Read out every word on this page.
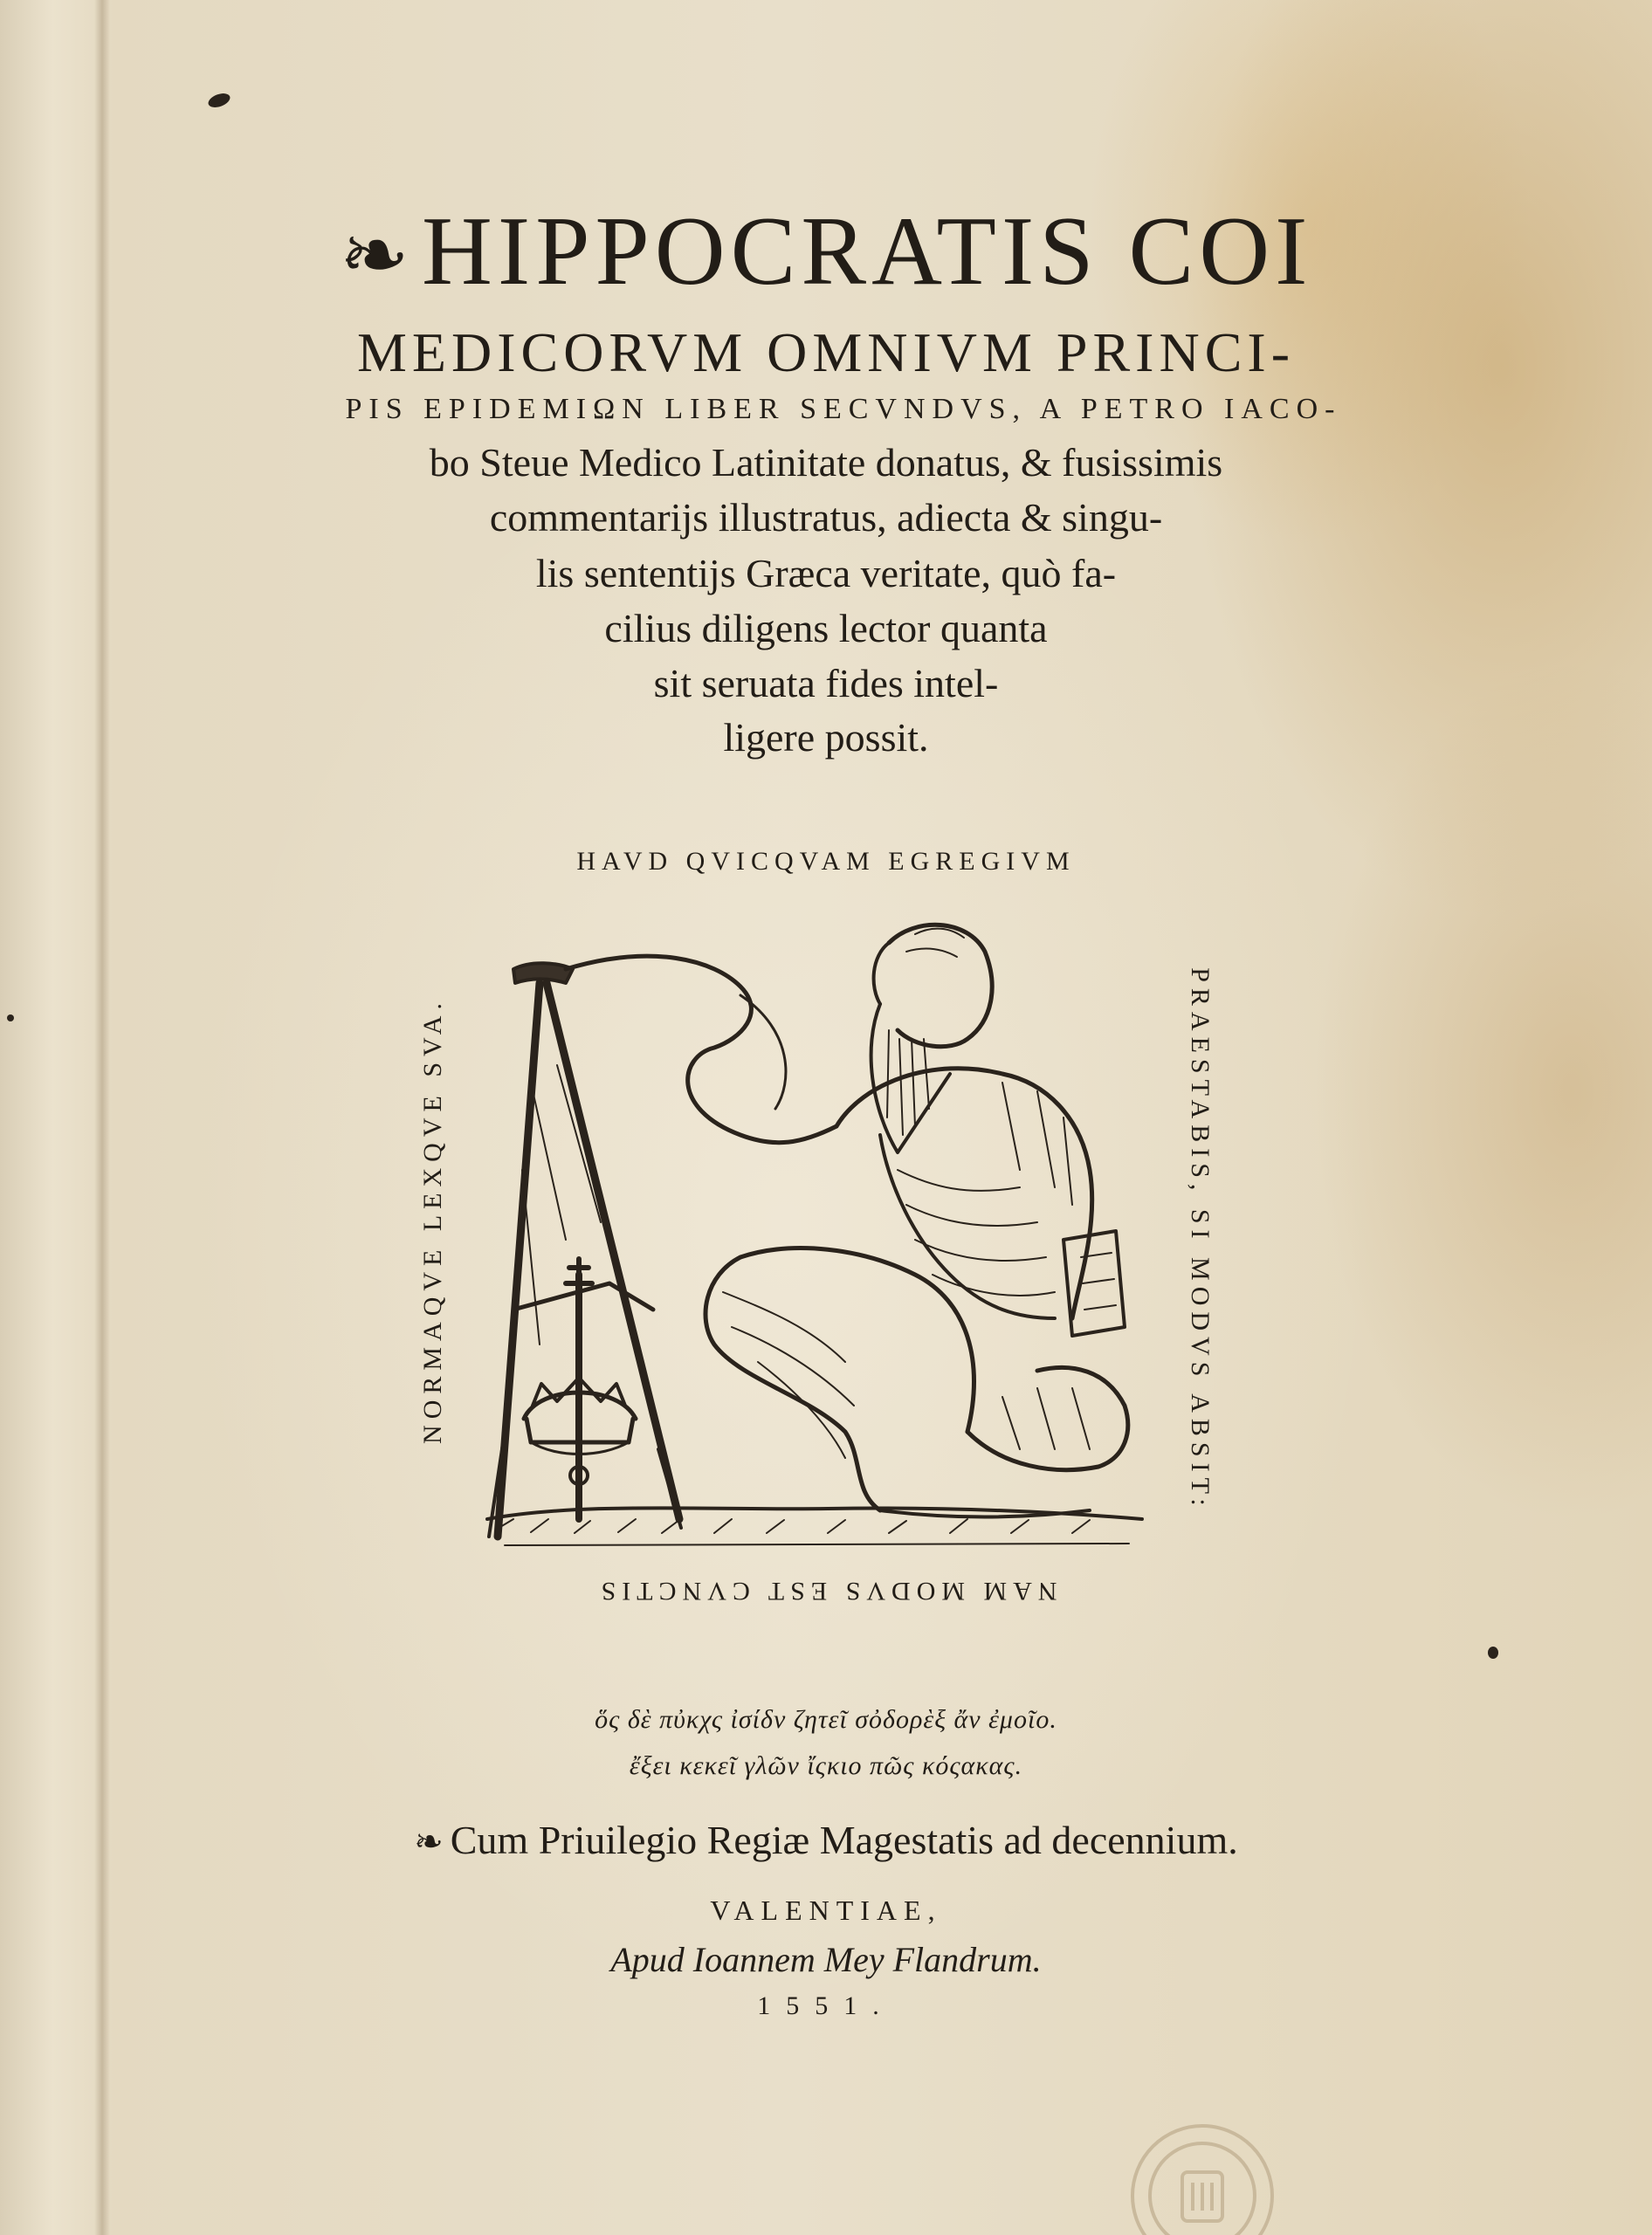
❧HIPPOCRATIS COI
MEDICORVM OMNIVM PRINCI-
PIS EPIDEMIΩN LIBER SECVNDVS, A PETRO IACO-
bo Steue Medico Latinitate donatus, & fusissimis
commentarijs illustratus, adiecta & singu-
lis sententijs Græca veritate, quò fa-
cilius diligens lector quanta
sit seruata fides intel-
ligere possit.
HAVD QVICQVAM EGREGIVM
NORMAQVE LEXQVE SVA.	PRAESTABIS, SI MODVS ABSIT:
NAM MODVS EST CVNCTIS
ὅς δὲ πὐκχς ἰσίδν ζητεῖ σὀδορὲξ ἄν ἐμοῖο.
ἔξει κεκεῖ γλῶν ἴςκιο πῶς κόςακας.
❧ Cum Priuilegio Regiæ Magestatis ad decennium.
VALENTIAE,
Apud Ioannem Mey Flandrum.
1551.
